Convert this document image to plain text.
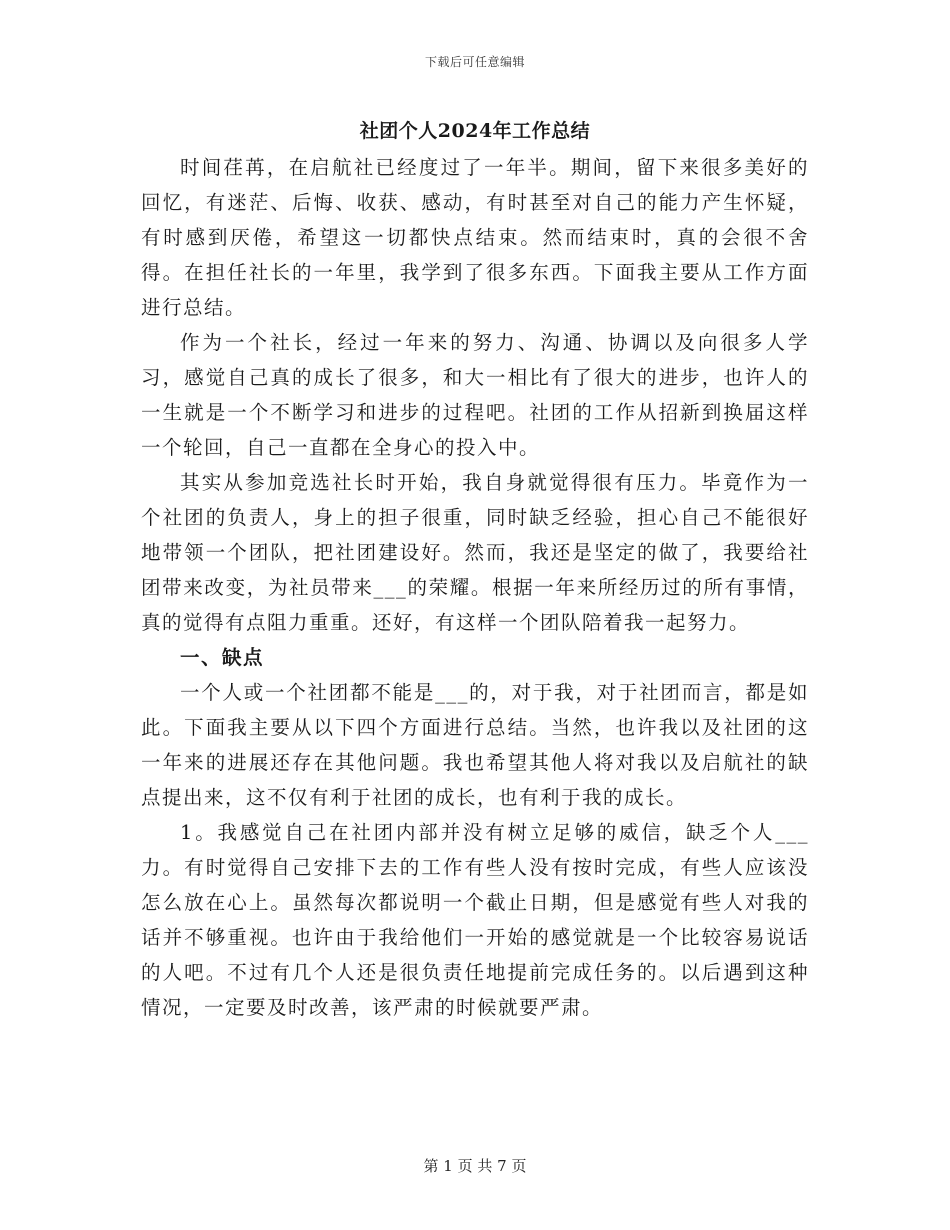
下载后可任意编辑
社团个人2024年工作总结

时间荏苒，在启航社已经度过了一年半。期间，留下来很多美好的回忆，有迷茫、后悔、收获、感动，有时甚至对自己的能力产生怀疑，有时感到厌倦，希望这一切都快点结束。然而结束时，真的会很不舍得。在担任社长的一年里，我学到了很多东西。下面我主要从工作方面进行总结。

作为一个社长，经过一年来的努力、沟通、协调以及向很多人学习，感觉自己真的成长了很多，和大一相比有了很大的进步，也许人的一生就是一个不断学习和进步的过程吧。社团的工作从招新到换届这样一个轮回，自己一直都在全身心的投入中。

其实从参加竞选社长时开始，我自身就觉得很有压力。毕竟作为一个社团的负责人，身上的担子很重，同时缺乏经验，担心自己不能很好地带领一个团队，把社团建设好。然而，我还是坚定的做了，我要给社团带来改变，为社员带来___的荣耀。根据一年来所经历过的所有事情，真的觉得有点阻力重重。还好，有这样一个团队陪着我一起努力。

一、缺点

一个人或一个社团都不能是___的，对于我，对于社团而言，都是如此。下面我主要从以下四个方面进行总结。当然，也许我以及社团的这一年来的进展还存在其他问题。我也希望其他人将对我以及启航社的缺点提出来，这不仅有利于社团的成长，也有利于我的成长。

1。我感觉自己在社团内部并没有树立足够的威信，缺乏个人___力。有时觉得自己安排下去的工作有些人没有按时完成，有些人应该没怎么放在心上。虽然每次都说明一个截止日期，但是感觉有些人对我的话并不够重视。也许由于我给他们一开始的感觉就是一个比较容易说话的人吧。不过有几个人还是很负责任地提前完成任务的。以后遇到这种情况，一定要及时改善，该严肃的时候就要严肃。

第 1 页 共 7 页
